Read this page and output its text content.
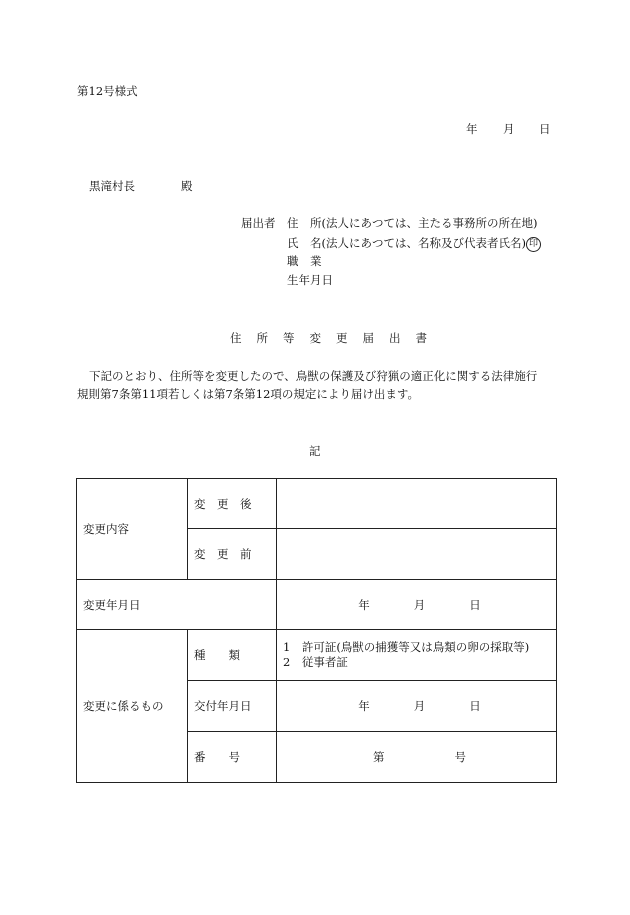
第12号様式
年 月 日
黒滝村長	殿
届出者 住　所(法人にあつては、主たる事務所の所在地)
氏　名(法人にあつては、名称及び代表者氏名) 印
職　業
生年月日
住所等変更届出書
下記のとおり、住所等を変更したので、鳥獣の保護及び狩猟の適正化に関する法律施行
規則第7条第11項若しくは第7条第12項の規定により届け出ます。
記
変更内容	変　更　後	
	変　更　前	
変更年月日		年 月 日

変更に係るもの	種　　類	1　許可証(鳥獣の捕獲等又は鳥類の卵の採取等)
2　従事者証

	交付年月日	年 月 日

	番　　号	第 号
